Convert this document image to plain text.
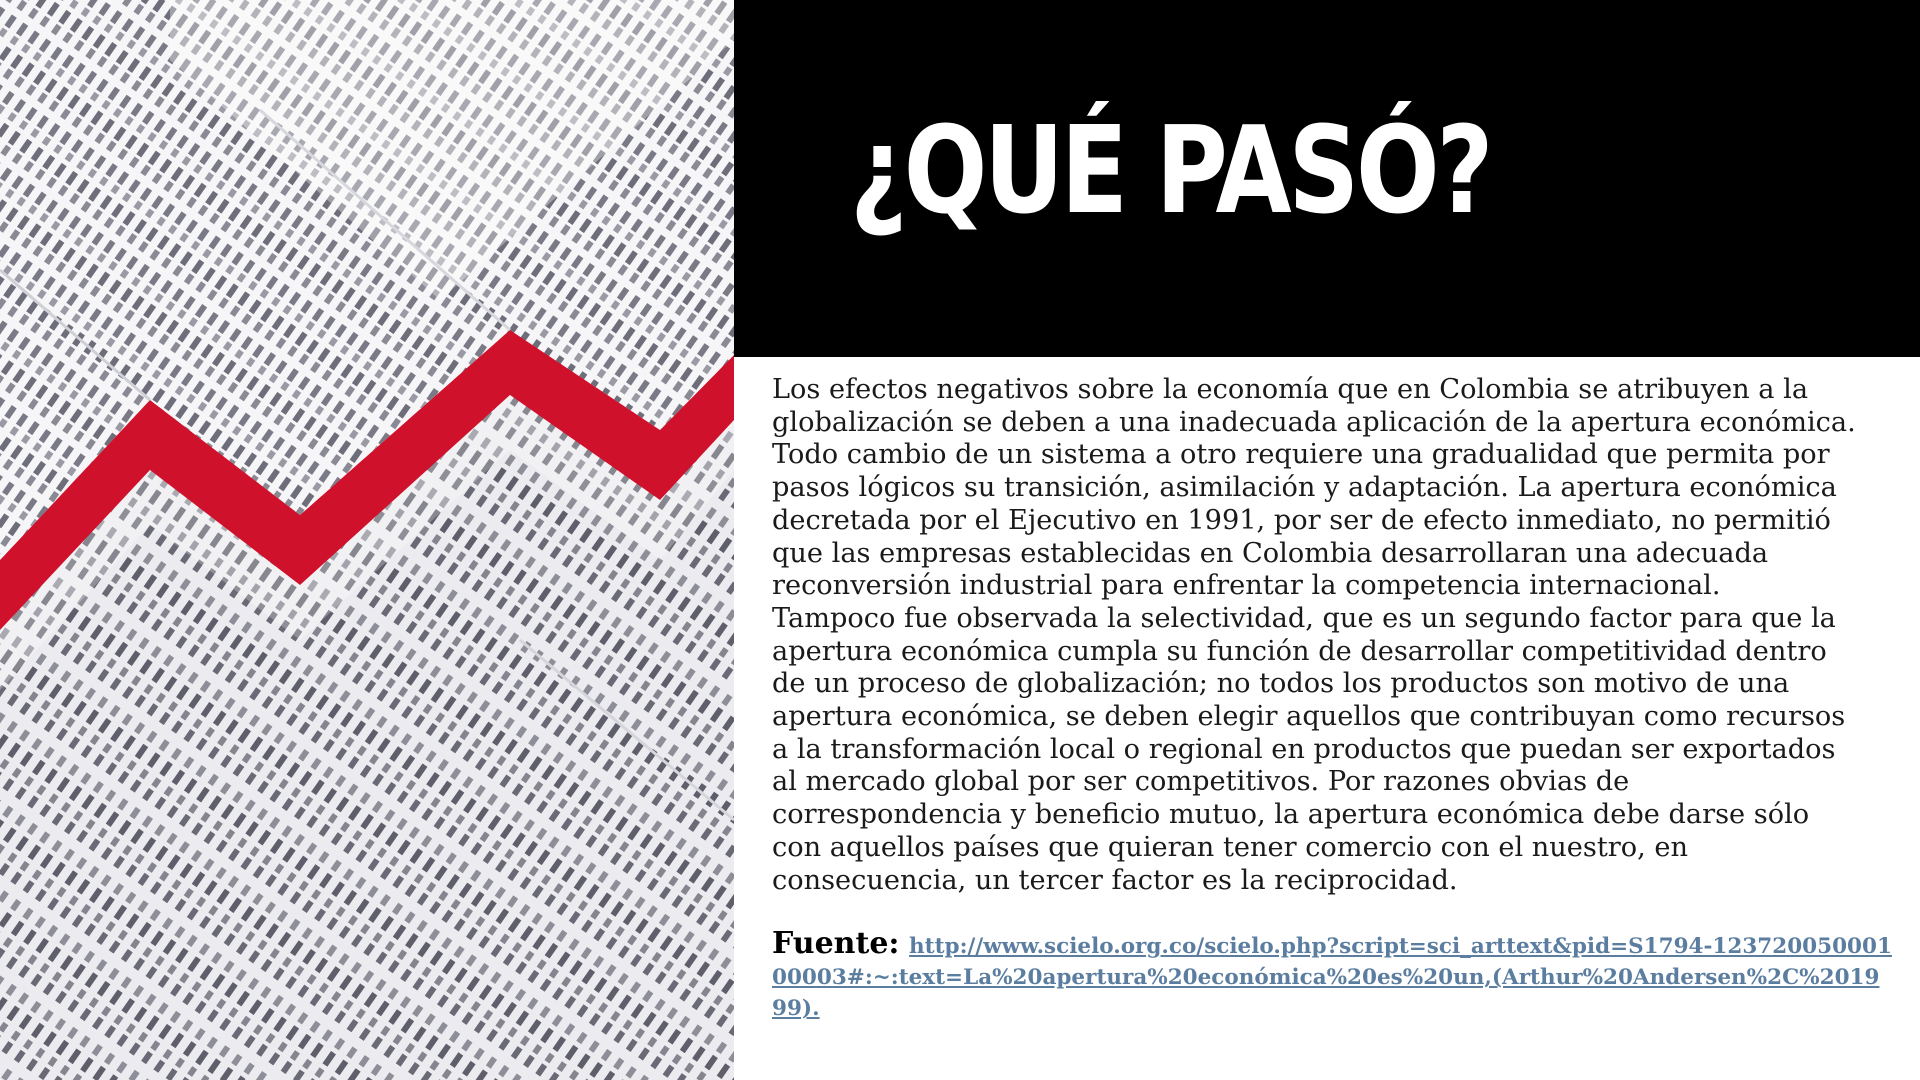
¿QUÉ PASÓ?

Los efectos negativos sobre la economía que en Colombia se atribuyen a la
globalización se deben a una inadecuada aplicación de la apertura económica.
Todo cambio de un sistema a otro requiere una gradualidad que permita por
pasos lógicos su transición, asimilación y adaptación. La apertura económica
decretada por el Ejecutivo en 1991, por ser de efecto inmediato, no permitió
que las empresas establecidas en Colombia desarrollaran una adecuada
reconversión industrial para enfrentar la competencia internacional.
Tampoco fue observada la selectividad, que es un segundo factor para que la
apertura económica cumpla su función de desarrollar competitividad dentro
de un proceso de globalización; no todos los productos son motivo de una
apertura económica, se deben elegir aquellos que contribuyan como recursos
a la transformación local o regional en productos que puedan ser exportados
al mercado global por ser competitivos. Por razones obvias de
correspondencia y beneficio mutuo, la apertura económica debe darse sólo
con aquellos países que quieran tener comercio con el nuestro, en
consecuencia, un tercer factor es la reciprocidad.

Fuente: http://www.scielo.org.co/scielo.php?script=sci_arttext&pid=S1794-12372005000100003#:~:text=La%20apertura%20económica%20es%20un,(Arthur%20Andersen%2C%201999).
